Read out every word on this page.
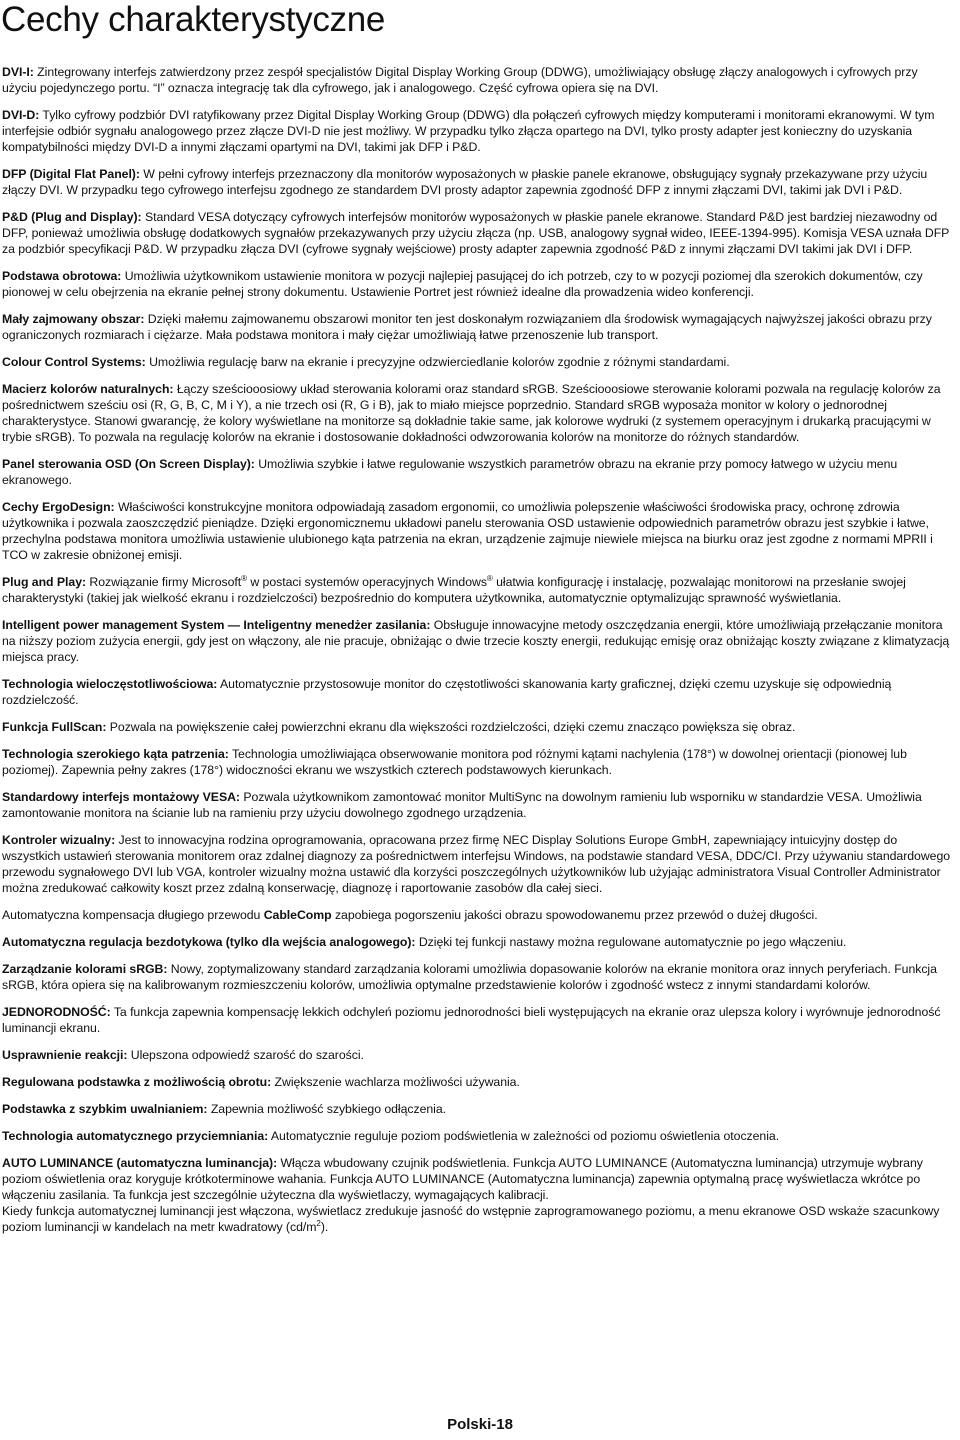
Cechy charakterystyczne

DVI-I: Zintegrowany interfejs zatwierdzony przez zespół specjalistów Digital Display Working Group (DDWG), umożliwiający obsługę złączy analogowych i cyfrowych przy użyciu pojedynczego portu. “I” oznacza integrację tak dla cyfrowego, jak i analogowego. Część cyfrowa opiera się na DVI.

DVI-D: Tylko cyfrowy podzbiór DVI ratyfikowany przez Digital Display Working Group (DDWG) dla połączeń cyfrowych między komputerami i monitorami ekranowymi. W tym interfejsie odbiór sygnału analogowego przez złącze DVI-D nie jest możliwy. W przypadku tylko złącza opartego na DVI, tylko prosty adapter jest konieczny do uzyskania kompatybilności między DVI-D a innymi złączami opartymi na DVI, takimi jak DFP i P&D.

DFP (Digital Flat Panel): W pełni cyfrowy interfejs przeznaczony dla monitorów wyposażonych w płaskie panele ekranowe, obsługujący sygnały przekazywane przy użyciu złączy DVI. W przypadku tego cyfrowego interfejsu zgodnego ze standardem DVI prosty adaptor zapewnia zgodność DFP z innymi złączami DVI, takimi jak DVI i P&D.

P&D (Plug and Display): Standard VESA dotyczący cyfrowych interfejsów monitorów wyposażonych w płaskie panele ekranowe. Standard P&D jest bardziej niezawodny od DFP, ponieważ umożliwia obsługę dodatkowych sygnałów przekazywanych przy użyciu złącza (np. USB, analogowy sygnał wideo, IEEE-1394-995). Komisja VESA uznała DFP za podzbiór specyfikacji P&D. W przypadku złącza DVI (cyfrowe sygnały wejściowe) prosty adapter zapewnia zgodność P&D z innymi złączami DVI takimi jak DVI i DFP.

Podstawa obrotowa: Umożliwia użytkownikom ustawienie monitora w pozycji najlepiej pasującej do ich potrzeb, czy to w pozycji poziomej dla szerokich dokumentów, czy pionowej w celu obejrzenia na ekranie pełnej strony dokumentu. Ustawienie Portret jest również idealne dla prowadzenia wideo konferencji.

Mały zajmowany obszar: Dzięki małemu zajmowanemu obszarowi monitor ten jest doskonałym rozwiązaniem dla środowisk wymagających najwyższej jakości obrazu przy ograniczonych rozmiarach i ciężarze. Mała podstawa monitora i mały ciężar umożliwiają łatwe przenoszenie lub transport.

Colour Control Systems: Umożliwia regulację barw na ekranie i precyzyjne odzwierciedlanie kolorów zgodnie z różnymi standardami.

Macierz kolorów naturalnych: Łączy sześciooosiowy układ sterowania kolorami oraz standard sRGB. Sześciooosiowe sterowanie kolorami pozwala na regulację kolorów za pośrednictwem sześciu osi (R, G, B, C, M i Y), a nie trzech osi (R, G i B), jak to miało miejsce poprzednio. Standard sRGB wyposaża monitor w kolory o jednorodnej charakterystyce. Stanowi gwarancję, że kolory wyświetlane na monitorze są dokładnie takie same, jak kolorowe wydruki (z systemem operacyjnym i drukarką pracującymi w trybie sRGB). To pozwala na regulację kolorów na ekranie i dostosowanie dokładności odwzorowania kolorów na monitorze do różnych standardów.

Panel sterowania OSD (On Screen Display): Umożliwia szybkie i łatwe regulowanie wszystkich parametrów obrazu na ekranie przy pomocy łatwego w użyciu menu ekranowego.

Cechy ErgoDesign: Właściwości konstrukcyjne monitora odpowiadają zasadom ergonomii, co umożliwia polepszenie właściwości środowiska pracy, ochronę zdrowia użytkownika i pozwala zaoszczędzić pieniądze. Dzięki ergonomicznemu układowi panelu sterowania OSD ustawienie odpowiednich parametrów obrazu jest szybkie i łatwe, przechylna podstawa monitora umożliwia ustawienie ulubionego kąta patrzenia na ekran, urządzenie zajmuje niewiele miejsca na biurku oraz jest zgodne z normami MPRII i TCO w zakresie obniżonej emisji.

Plug and Play: Rozwiązanie firmy Microsoft® w postaci systemów operacyjnych Windows® ułatwia konfigurację i instalację, pozwalając monitorowi na przesłanie swojej charakterystyki (takiej jak wielkość ekranu i rozdzielczości) bezpośrednio do komputera użytkownika, automatycznie optymalizując sprawność wyświetlania.

Intelligent power management System — Inteligentny menedżer zasilania: Obsługuje innowacyjne metody oszczędzania energii, które umożliwiają przełączanie monitora na niższy poziom zużycia energii, gdy jest on włączony, ale nie pracuje, obniżając o dwie trzecie koszty energii, redukując emisję oraz obniżając koszty związane z klimatyzacją miejsca pracy.

Technologia wieloczęstotliwościowa: Automatycznie przystosowuje monitor do częstotliwości skanowania karty graficznej, dzięki czemu uzyskuje się odpowiednią rozdzielczość.

Funkcja FullScan: Pozwala na powiększenie całej powierzchni ekranu dla większości rozdzielczości, dzięki czemu znacząco powiększa się obraz.

Technologia szerokiego kąta patrzenia: Technologia umożliwiająca obserwowanie monitora pod różnymi kątami nachylenia (178°) w dowolnej orientacji (pionowej lub poziomej). Zapewnia pełny zakres (178°) widoczności ekranu we wszystkich czterech podstawowych kierunkach.

Standardowy interfejs montażowy VESA: Pozwala użytkownikom zamontować monitor MultiSync na dowolnym ramieniu lub wsporniku w standardzie VESA. Umożliwia zamontowanie monitora na ścianie lub na ramieniu przy użyciu dowolnego zgodnego urządzenia.

Kontroler wizualny: Jest to innowacyjna rodzina oprogramowania, opracowana przez firmę NEC Display Solutions Europe GmbH, zapewniający intuicyjny dostęp do wszystkich ustawień sterowania monitorem oraz zdalnej diagnozy za pośrednictwem interfejsu Windows, na podstawie standard VESA, DDC/CI. Przy używaniu standardowego przewodu sygnałowego DVI lub VGA, kontroler wizualny można ustawić dla korzyści poszczególnych użytkowników lub użyjając administratora Visual Controller Administrator można zredukować całkowity koszt przez zdalną konserwację, diagnozę i raportowanie zasobów dla całej sieci.

Automatyczna kompensacja długiego przewodu CableComp zapobiega pogorszeniu jakości obrazu spowodowanemu przez przewód o dużej długości.

Automatyczna regulacja bezdotykowa (tylko dla wejścia analogowego): Dzięki tej funkcji nastawy można regulowane automatycznie po jego włączeniu.

Zarządzanie kolorami sRGB: Nowy, zoptymalizowany standard zarządzania kolorami umożliwia dopasowanie kolorów na ekranie monitora oraz innych peryferiach. Funkcja sRGB, która opiera się na kalibrowanym rozmieszczeniu kolorów, umożliwia optymalne przedstawienie kolorów i zgodność wstecz z innymi standardami kolorów.

JEDNORODNOŚĆ: Ta funkcja zapewnia kompensację lekkich odchyleń poziomu jednorodności bieli występujących na ekranie oraz ulepsza kolory i wyrównuje jednorodność luminancji ekranu.

Usprawnienie reakcji: Ulepszona odpowiedź szarość do szarości.

Regulowana podstawka z możliwością obrotu: Zwiększenie wachlarza możliwości używania.

Podstawka z szybkim uwalnianiem: Zapewnia możliwość szybkiego odłączenia.

Technologia automatycznego przyciemniania: Automatycznie reguluje poziom podświetlenia w zależności od poziomu oświetlenia otoczenia.

AUTO LUMINANCE (automatyczna luminancja): Włącza wbudowany czujnik podświetlenia. Funkcja AUTO LUMINANCE (Automatyczna luminancja) utrzymuje wybrany poziom oświetlenia oraz koryguje krótkoterminowe wahania. Funkcja AUTO LUMINANCE (Automatyczna luminancja) zapewnia optymalną pracę wyświetlacza wkrótce po włączeniu zasilania. Ta funkcja jest szczególnie użyteczna dla wyświetlaczy, wymagających kalibracji.

Kiedy funkcja automatycznej luminancji jest włączona, wyświetlacz zredukuje jasność do wstępnie zaprogramowanego poziomu, a menu ekranowe OSD wskaże szacunkowy poziom luminancji w kandelach na metr kwadratowy $(cd/m^2)$.

Polski-18
